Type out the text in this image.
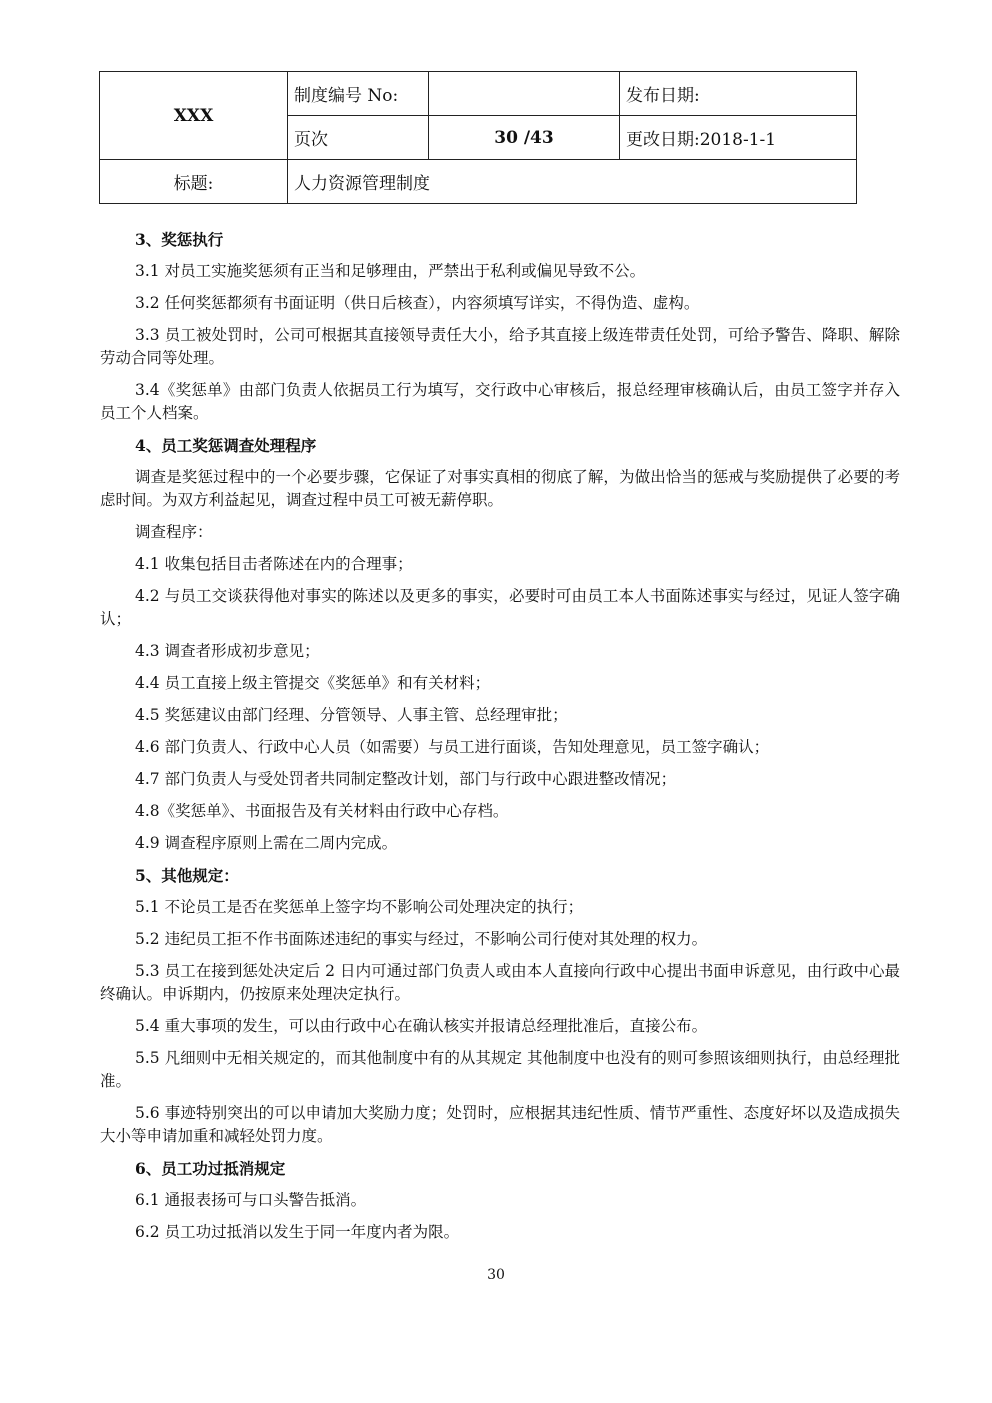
XXX	制度编号 No:		发布日期:
	页次	30 /43	更改日期:2018-1-1
标题:	人力资源管理制度		

3、奖惩执行

3.1 对员工实施奖惩须有正当和足够理由，严禁出于私利或偏见导致不公。

3.2 任何奖惩都须有书面证明（供日后核查），内容须填写详实，不得伪造、虚构。

3.3 员工被处罚时，公司可根据其直接领导责任大小，给予其直接上级连带责任处罚，可给予警告、降职、解除劳动合同等处理。

3.4《奖惩单》由部门负责人依据员工行为填写，交行政中心审核后，报总经理审核确认后，由员工签字并存入员工个人档案。

4、员工奖惩调查处理程序

调查是奖惩过程中的一个必要步骤，它保证了对事实真相的彻底了解，为做出恰当的惩戒与奖励提供了必要的考虑时间。为双方利益起见，调查过程中员工可被无薪停职。

调查程序：

4.1 收集包括目击者陈述在内的合理事；

4.2 与员工交谈获得他对事实的陈述以及更多的事实，必要时可由员工本人书面陈述事实与经过，见证人签字确认；

4.3 调查者形成初步意见；

4.4 员工直接上级主管提交《奖惩单》和有关材料；

4.5 奖惩建议由部门经理、分管领导、人事主管、总经理审批；

4.6 部门负责人、行政中心人员（如需要）与员工进行面谈，告知处理意见，员工签字确认；

4.7 部门负责人与受处罚者共同制定整改计划，部门与行政中心跟进整改情况；

4.8《奖惩单》、书面报告及有关材料由行政中心存档。

4.9 调查程序原则上需在二周内完成。

5、其他规定：

5.1 不论员工是否在奖惩单上签字均不影响公司处理决定的执行；

5.2 违纪员工拒不作书面陈述违纪的事实与经过，不影响公司行使对其处理的权力。

5.3 员工在接到惩处决定后 2 日内可通过部门负责人或由本人直接向行政中心提出书面申诉意见，由行政中心最终确认。申诉期内，仍按原来处理决定执行。

5.4 重大事项的发生，可以由行政中心在确认核实并报请总经理批准后，直接公布。

5.5 凡细则中无相关规定的，而其他制度中有的从其规定 其他制度中也没有的则可参照该细则执行，由总经理批准。

5.6 事迹特别突出的可以申请加大奖励力度；处罚时，应根据其违纪性质、情节严重性、态度好坏以及造成损失大小等申请加重和减轻处罚力度。

6、员工功过抵消规定

6.1 通报表扬可与口头警告抵消。

6.2 员工功过抵消以发生于同一年度内者为限。

30
